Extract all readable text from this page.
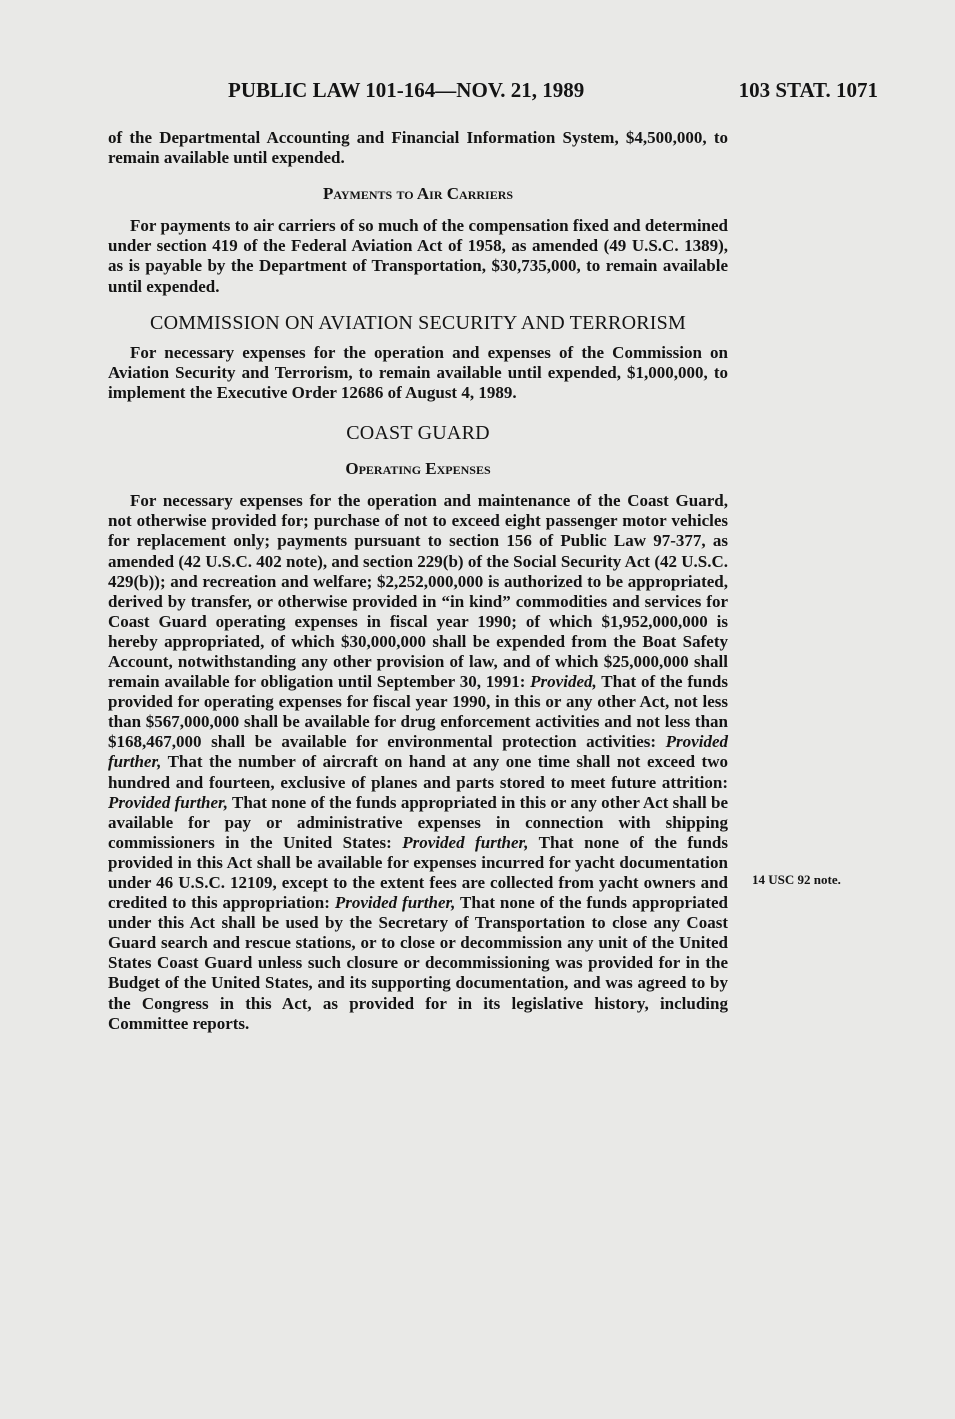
PUBLIC LAW 101-164—NOV. 21, 1989	103 STAT. 1071

of the Departmental Accounting and Financial Information System, $4,500,000, to remain available until expended.

Payments to Air Carriers

For payments to air carriers of so much of the compensation fixed and determined under section 419 of the Federal Aviation Act of 1958, as amended (49 U.S.C. 1389), as is payable by the Department of Transportation, $30,735,000, to remain available until expended.

COMMISSION ON AVIATION SECURITY AND TERRORISM

For necessary expenses for the operation and expenses of the Commission on Aviation Security and Terrorism, to remain available until expended, $1,000,000, to implement the Executive Order 12686 of August 4, 1989.

COAST GUARD
Operating Expenses

For necessary expenses for the operation and maintenance of the Coast Guard, not otherwise provided for; purchase of not to exceed eight passenger motor vehicles for replacement only; payments pursuant to section 156 of Public Law 97-377, as amended (42 U.S.C. 402 note), and section 229(b) of the Social Security Act (42 U.S.C. 429(b)); and recreation and welfare; $2,252,000,000 is authorized to be appropriated, derived by transfer, or otherwise provided in “in kind” commodities and services for Coast Guard operating expenses in fiscal year 1990; of which $1,952,000,000 is hereby appropriated, of which $30,000,000 shall be expended from the Boat Safety Account, notwithstanding any other provision of law, and of which $25,000,000 shall remain available for obligation until September 30, 1991: Provided, That of the funds provided for operating expenses for fiscal year 1990, in this or any other Act, not less than $567,000,000 shall be available for drug enforcement activities and not less than $168,467,000 shall be available for environmental protection activities: Provided further, That the number of aircraft on hand at any one time shall not exceed two hundred and fourteen, exclusive of planes and parts stored to meet future attrition: Provided further, That none of the funds appropriated in this or any other Act shall be available for pay or administrative expenses in connection with shipping commissioners in the United States: Provided further, That none of the funds provided in this Act shall be available for expenses incurred for yacht documentation under 46 U.S.C. 12109, except to the extent fees are collected from yacht owners and credited to this appropriation: Provided further, That none of the funds appropriated under this Act shall be used by the Secretary of Transportation to close any Coast Guard search and rescue stations, or to close or decommission any unit of the United States Coast Guard unless such closure or decommissioning was provided for in the Budget of the United States, and its supporting documentation, and was agreed to by the Congress in this Act, as provided for in its legislative history, including Committee reports.

14 USC 92 note.
